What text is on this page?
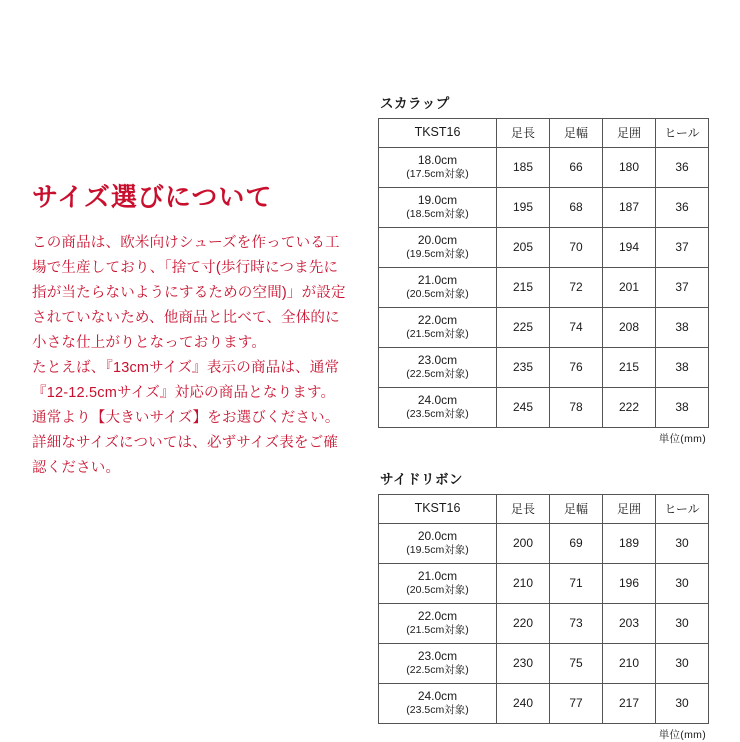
サイズ選びについて

この商品は、欧米向けシューズを作っている工場で生産しており、「捨て寸(歩行時につま先に指が当たらないようにするための空間)」が設定されていないため、他商品と比べて、全体的に小さな仕上がりとなっております。

たとえば、『13cmサイズ』表示の商品は、通常『12-12.5cmサイズ』対応の商品となります。

通常より【大きいサイズ】をお選びください。

詳細なサイズについては、必ずサイズ表をご確認ください。

スカラップ
TKST16	足長	足幅	足囲	ヒール

18.0cm
(17.5cm対象)	185	66	180	36

19.0cm
(18.5cm対象)	195	68	187	36

20.0cm
(19.5cm対象)	205	70	194	37

21.0cm
(20.5cm対象)	215	72	201	37

22.0cm
(21.5cm対象)	225	74	208	38

23.0cm
(22.5cm対象)	235	76	215	38

24.0cm
(23.5cm対象)	245	78	222	38
単位(mm)
サイドリボン
TKST16	足長	足幅	足囲	ヒール

20.0cm
(19.5cm対象)	200	69	189	30

21.0cm
(20.5cm対象)	210	71	196	30

22.0cm
(21.5cm対象)	220	73	203	30

23.0cm
(22.5cm対象)	230	75	210	30

24.0cm
(23.5cm対象)	240	77	217	30
単位(mm)
